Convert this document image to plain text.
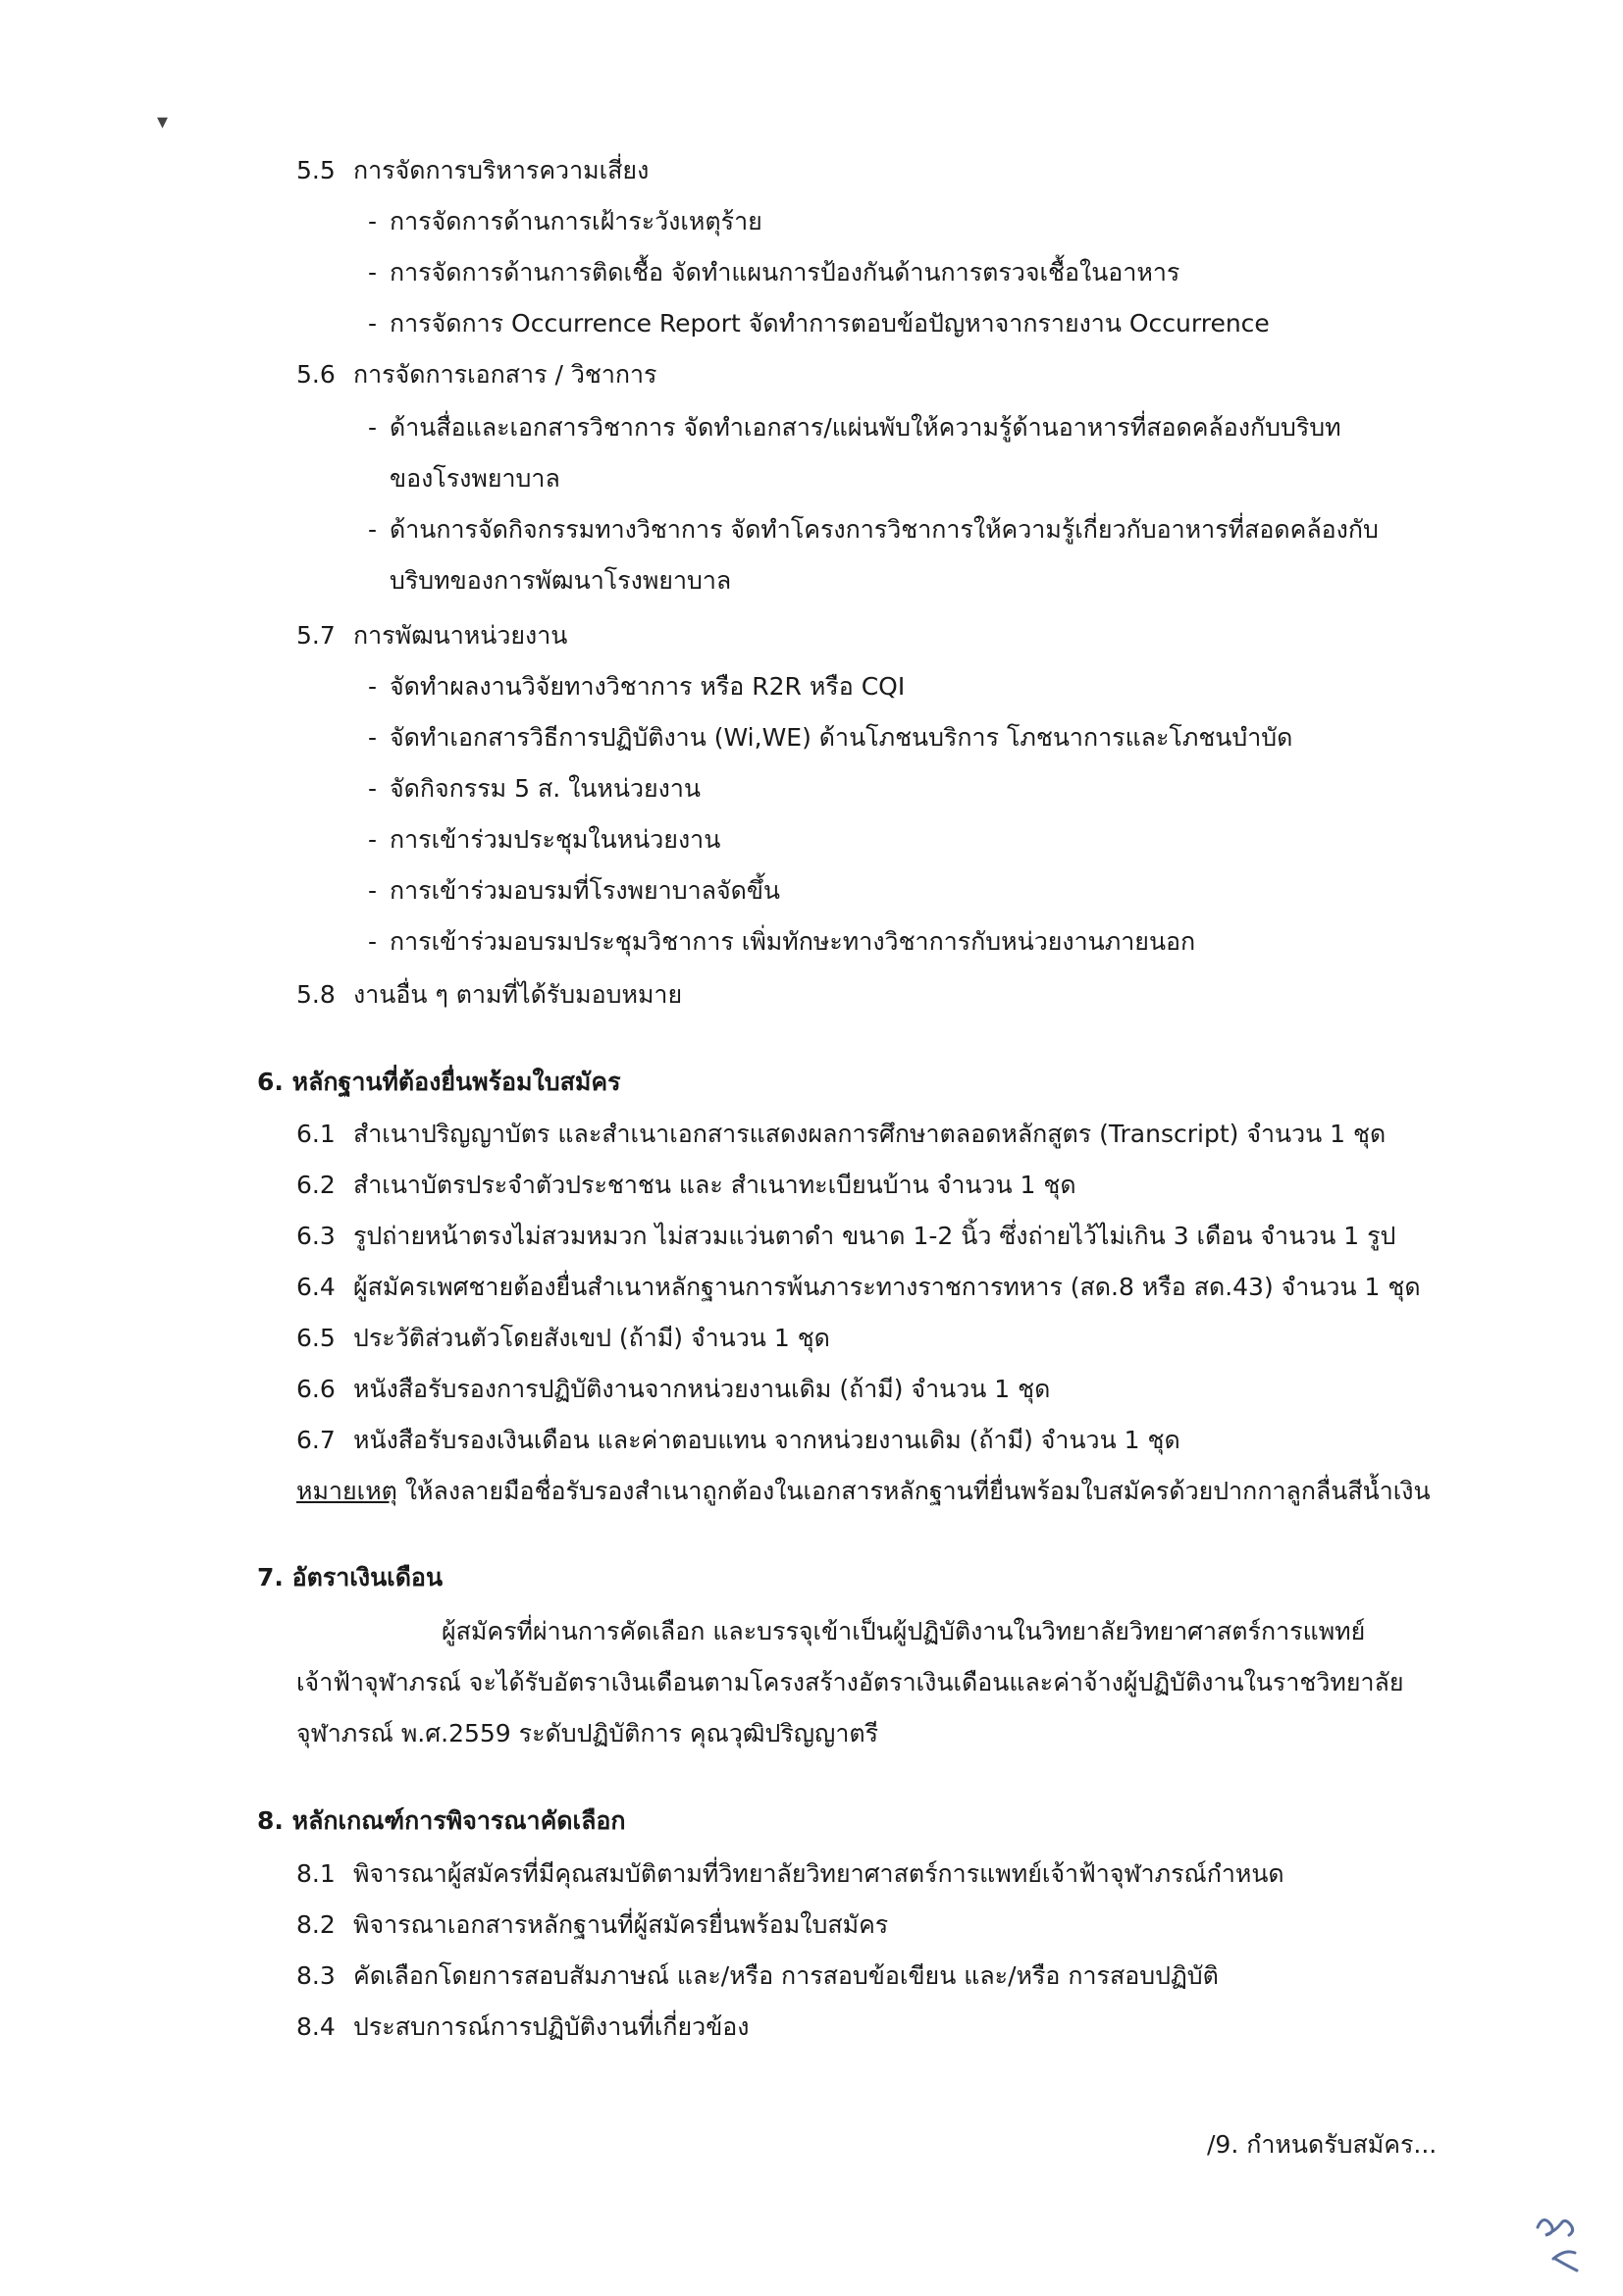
▾
5.5 การจัดการบริหารความเสี่ยง
- การจัดการด้านการเฝ้าระวังเหตุร้าย
- การจัดการด้านการติดเชื้อ จัดทำแผนการป้องกันด้านการตรวจเชื้อในอาหาร
- การจัดการ Occurrence Report จัดทำการตอบข้อปัญหาจากรายงาน Occurrence
5.6 การจัดการเอกสาร / วิชาการ
- ด้านสื่อและเอกสารวิชาการ จัดทำเอกสาร/แผ่นพับให้ความรู้ด้านอาหารที่สอดคล้องกับบริบท
ของโรงพยาบาล
- ด้านการจัดกิจกรรมทางวิชาการ จัดทำโครงการวิชาการให้ความรู้เกี่ยวกับอาหารที่สอดคล้องกับ
บริบทของการพัฒนาโรงพยาบาล
5.7 การพัฒนาหน่วยงาน
- จัดทำผลงานวิจัยทางวิชาการ หรือ R2R หรือ CQI
- จัดทำเอกสารวิธีการปฏิบัติงาน (Wi,WE) ด้านโภชนบริการ โภชนาการและโภชนบำบัด
- จัดกิจกรรม 5 ส. ในหน่วยงาน
- การเข้าร่วมประชุมในหน่วยงาน
- การเข้าร่วมอบรมที่โรงพยาบาลจัดขึ้น
- การเข้าร่วมอบรมประชุมวิชาการ เพิ่มทักษะทางวิชาการกับหน่วยงานภายนอก
5.8 งานอื่น ๆ ตามที่ได้รับมอบหมาย
6. หลักฐานที่ต้องยื่นพร้อมใบสมัคร
6.1 สำเนาปริญญาบัตร และสำเนาเอกสารแสดงผลการศึกษาตลอดหลักสูตร (Transcript) จำนวน 1 ชุด
6.2 สำเนาบัตรประจำตัวประชาชน และ สำเนาทะเบียนบ้าน จำนวน 1 ชุด
6.3 รูปถ่ายหน้าตรงไม่สวมหมวก ไม่สวมแว่นตาดำ ขนาด 1-2 นิ้ว ซึ่งถ่ายไว้ไม่เกิน 3 เดือน จำนวน 1 รูป
6.4 ผู้สมัครเพศชายต้องยื่นสำเนาหลักฐานการพ้นภาระทางราชการทหาร (สด.8 หรือ สด.43) จำนวน 1 ชุด
6.5 ประวัติส่วนตัวโดยสังเขป (ถ้ามี) จำนวน 1 ชุด
6.6 หนังสือรับรองการปฏิบัติงานจากหน่วยงานเดิม (ถ้ามี) จำนวน 1 ชุด
6.7 หนังสือรับรองเงินเดือน และค่าตอบแทน จากหน่วยงานเดิม (ถ้ามี) จำนวน 1 ชุด
หมายเหตุ ให้ลงลายมือชื่อรับรองสำเนาถูกต้องในเอกสารหลักฐานที่ยื่นพร้อมใบสมัครด้วยปากกาลูกลื่นสีน้ำเงิน
7. อัตราเงินเดือน
ผู้สมัครที่ผ่านการคัดเลือก และบรรจุเข้าเป็นผู้ปฏิบัติงานในวิทยาลัยวิทยาศาสตร์การแพทย์
เจ้าฟ้าจุฬาภรณ์ จะได้รับอัตราเงินเดือนตามโครงสร้างอัตราเงินเดือนและค่าจ้างผู้ปฏิบัติงานในราชวิทยาลัย
จุฬาภรณ์ พ.ศ.2559 ระดับปฏิบัติการ คุณวุฒิปริญญาตรี
8. หลักเกณฑ์การพิจารณาคัดเลือก
8.1 พิจารณาผู้สมัครที่มีคุณสมบัติตามที่วิทยาลัยวิทยาศาสตร์การแพทย์เจ้าฟ้าจุฬาภรณ์กำหนด
8.2 พิจารณาเอกสารหลักฐานที่ผู้สมัครยื่นพร้อมใบสมัคร
8.3 คัดเลือกโดยการสอบสัมภาษณ์ และ/หรือ การสอบข้อเขียน และ/หรือ การสอบปฏิบัติ
8.4 ประสบการณ์การปฏิบัติงานที่เกี่ยวข้อง
/9. กำหนดรับสมัคร...
